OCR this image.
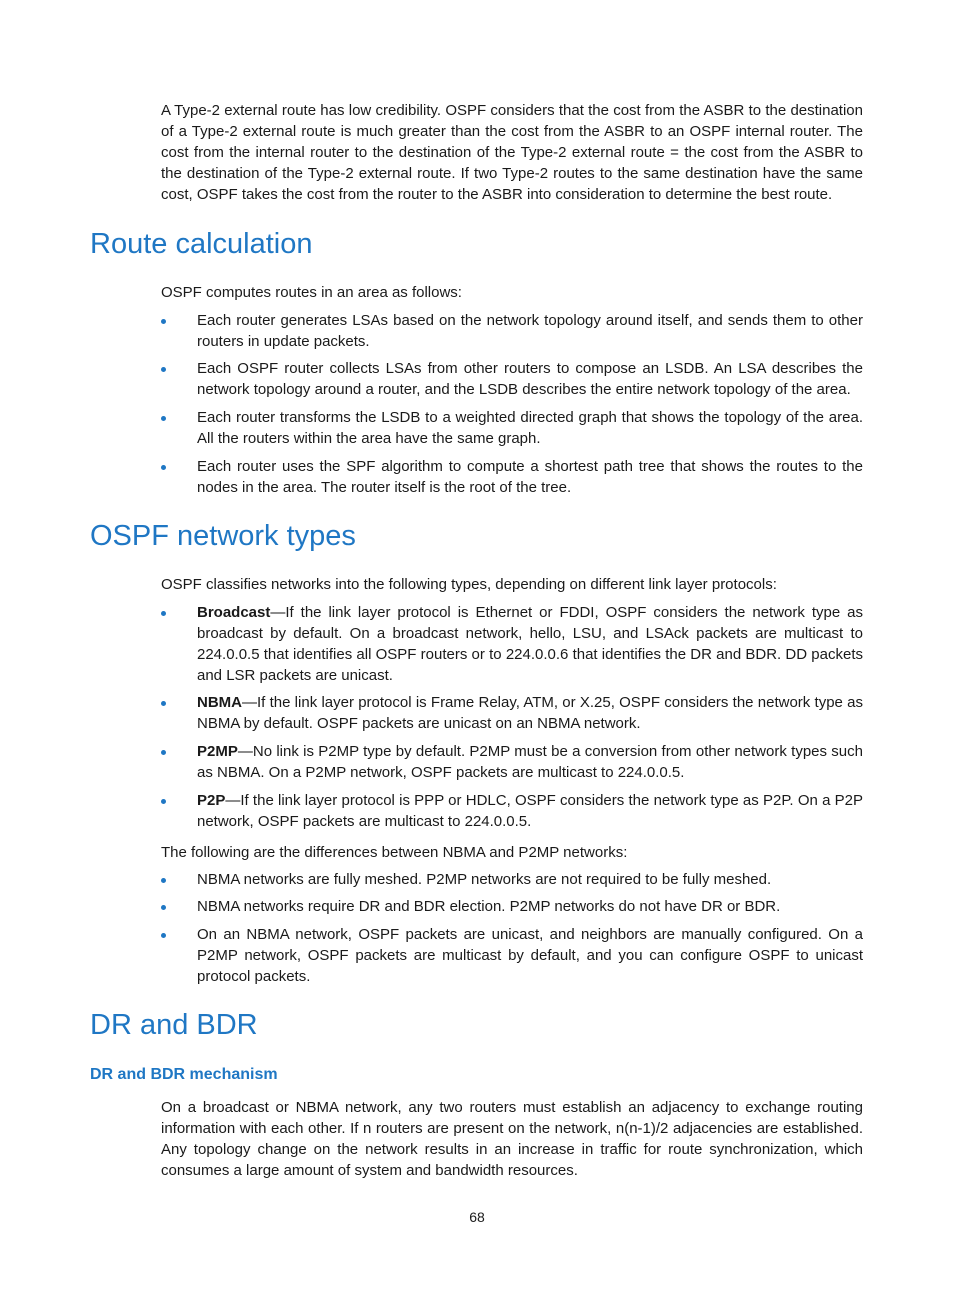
A Type-2 external route has low credibility. OSPF considers that the cost from the ASBR to the destination of a Type-2 external route is much greater than the cost from the ASBR to an OSPF internal router. The cost from the internal router to the destination of the Type-2 external route = the cost from the ASBR to the destination of the Type-2 external route. If two Type-2 routes to the same destination have the same cost, OSPF takes the cost from the router to the ASBR into consideration to determine the best route.

Route calculation

OSPF computes routes in an area as follows:

Each router generates LSAs based on the network topology around itself, and sends them to other routers in update packets.
Each OSPF router collects LSAs from other routers to compose an LSDB. An LSA describes the network topology around a router, and the LSDB describes the entire network topology of the area.
Each router transforms the LSDB to a weighted directed graph that shows the topology of the area. All the routers within the area have the same graph.
Each router uses the SPF algorithm to compute a shortest path tree that shows the routes to the nodes in the area. The router itself is the root of the tree.
OSPF network types

OSPF classifies networks into the following types, depending on different link layer protocols:

Broadcast—If the link layer protocol is Ethernet or FDDI, OSPF considers the network type as broadcast by default. On a broadcast network, hello, LSU, and LSAck packets are multicast to 224.0.0.5 that identifies all OSPF routers or to 224.0.0.6 that identifies the DR and BDR. DD packets and LSR packets are unicast.
NBMA—If the link layer protocol is Frame Relay, ATM, or X.25, OSPF considers the network type as NBMA by default. OSPF packets are unicast on an NBMA network.
P2MP—No link is P2MP type by default. P2MP must be a conversion from other network types such as NBMA. On a P2MP network, OSPF packets are multicast to 224.0.0.5.
P2P—If the link layer protocol is PPP or HDLC, OSPF considers the network type as P2P. On a P2P network, OSPF packets are multicast to 224.0.0.5.

The following are the differences between NBMA and P2MP networks:

NBMA networks are fully meshed. P2MP networks are not required to be fully meshed.
NBMA networks require DR and BDR election. P2MP networks do not have DR or BDR.
On an NBMA network, OSPF packets are unicast, and neighbors are manually configured. On a P2MP network, OSPF packets are multicast by default, and you can configure OSPF to unicast protocol packets.
DR and BDR
DR and BDR mechanism

On a broadcast or NBMA network, any two routers must establish an adjacency to exchange routing information with each other. If n routers are present on the network, n(n-1)/2 adjacencies are established. Any topology change on the network results in an increase in traffic for route synchronization, which consumes a large amount of system and bandwidth resources.

68
